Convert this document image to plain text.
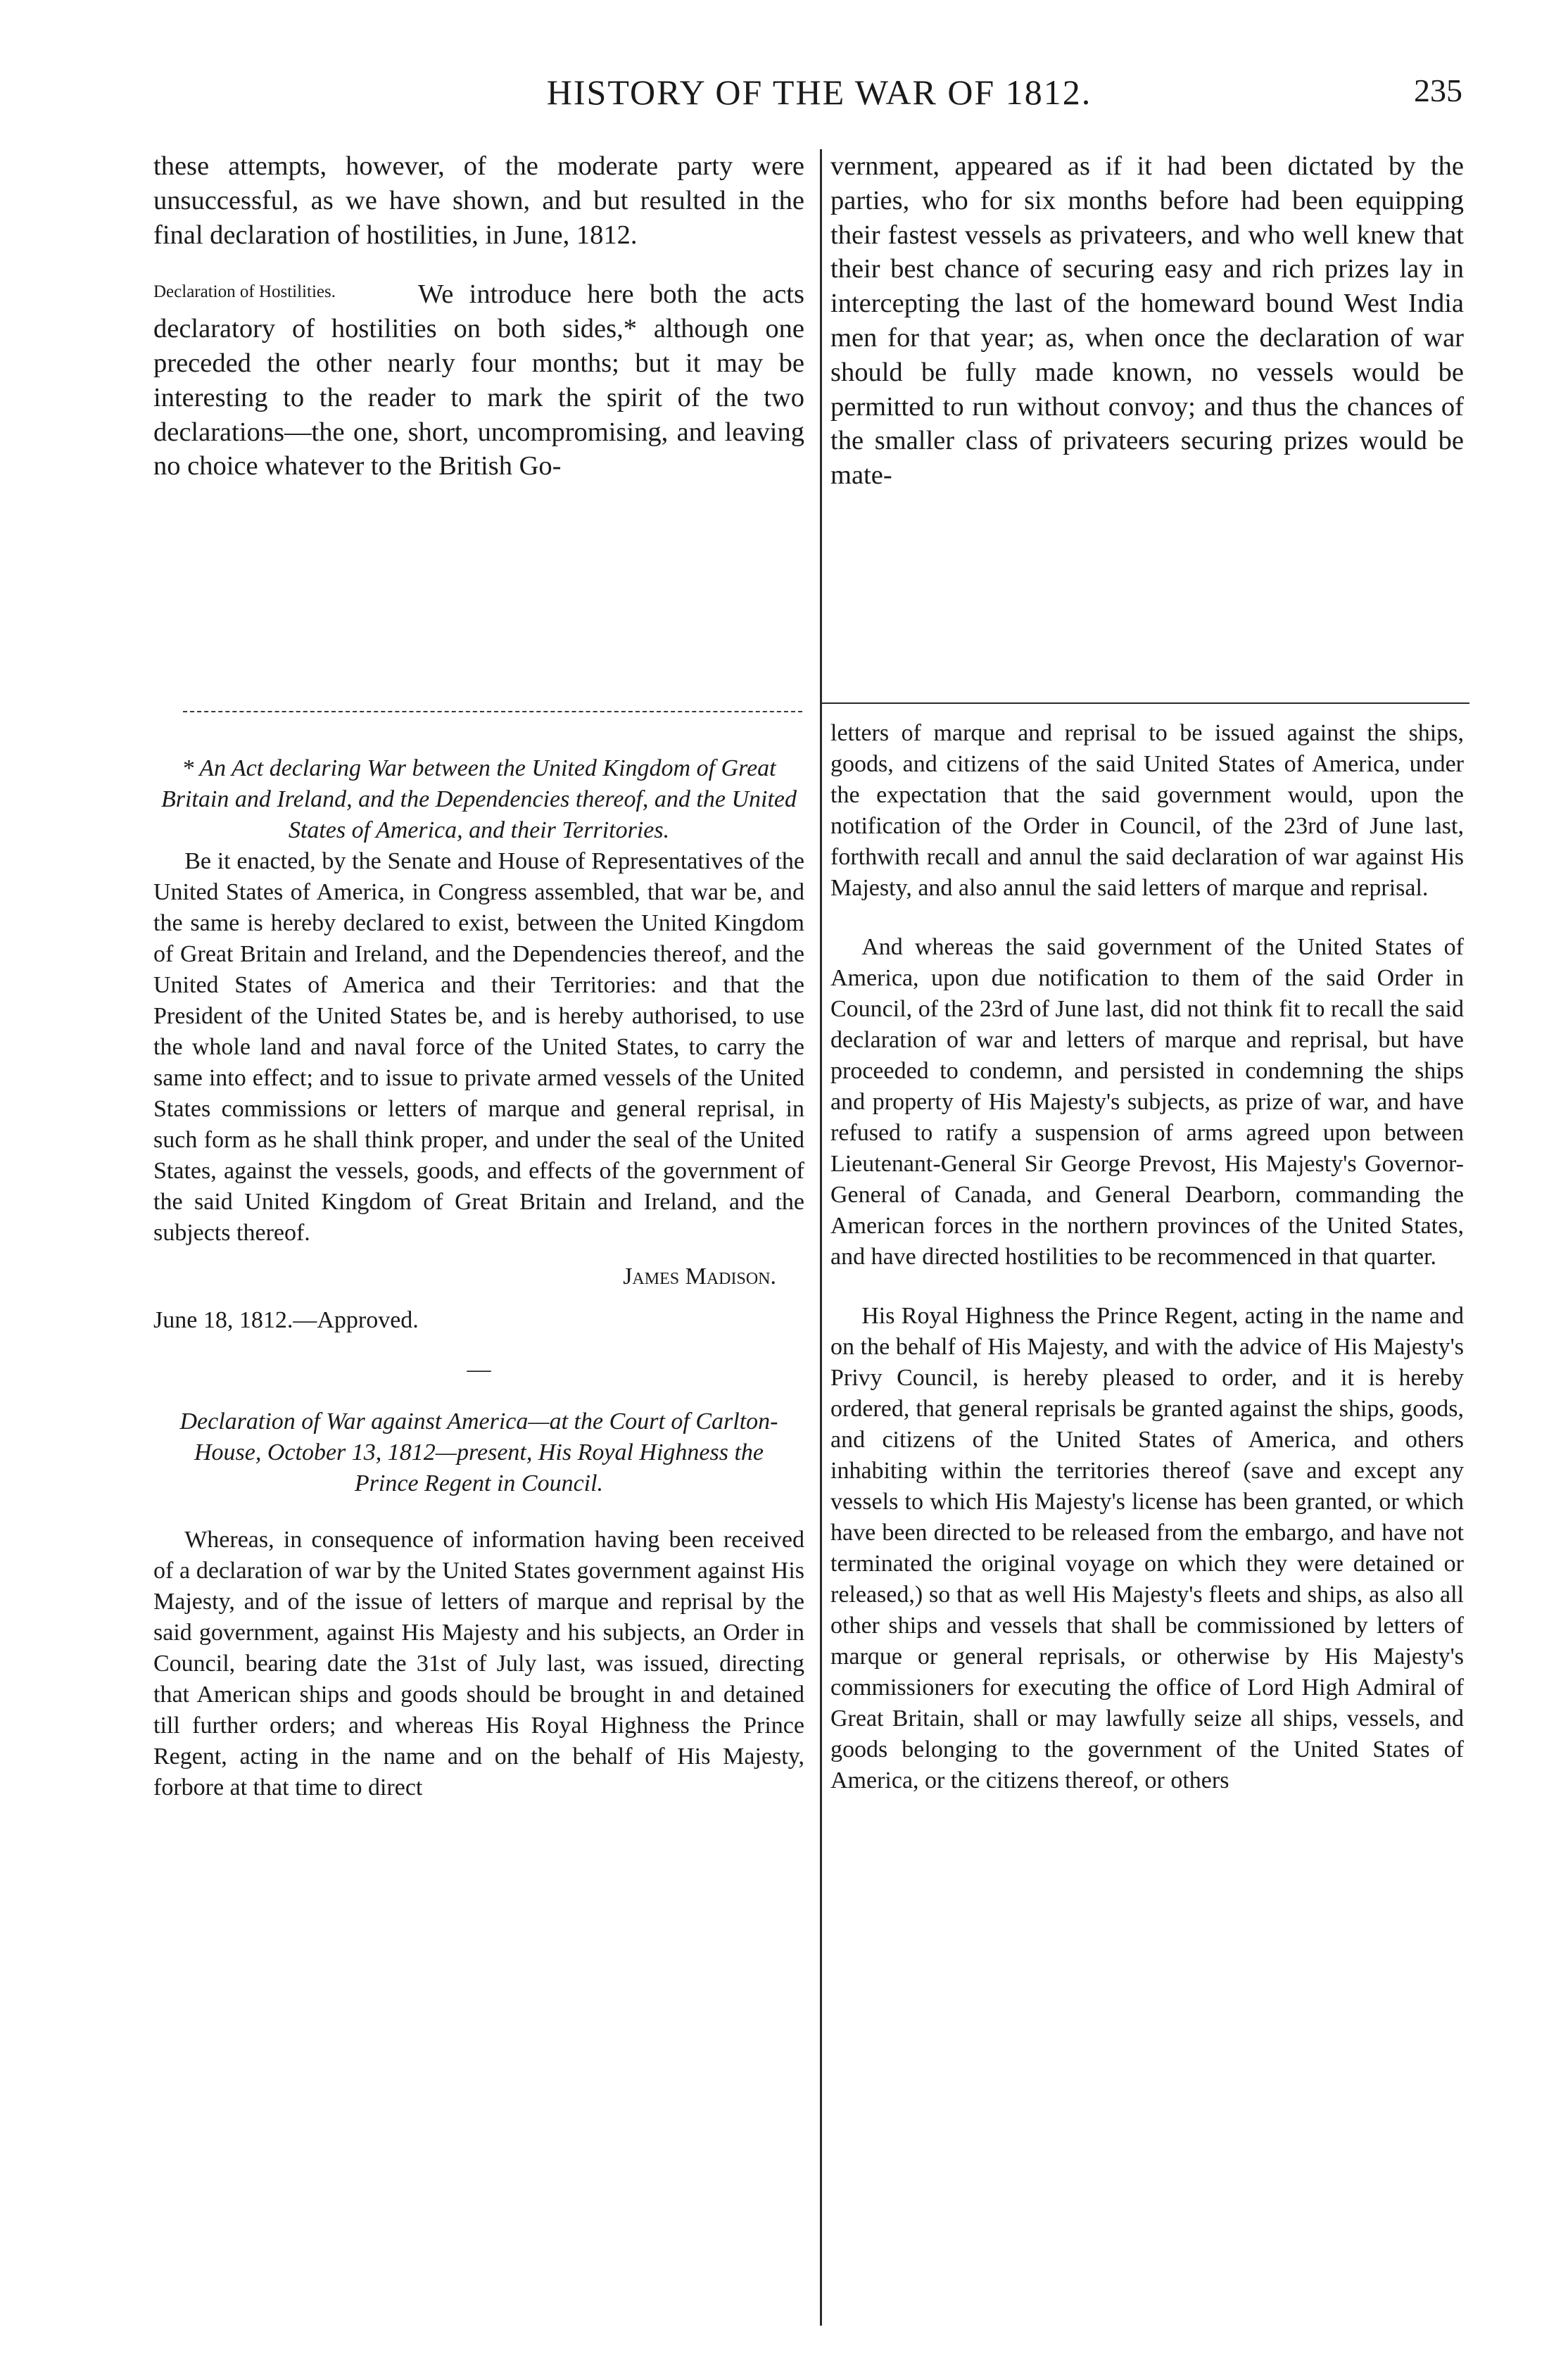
HISTORY OF THE WAR OF 1812.	235

these attempts, however, of the moderate party were unsuccessful, as we have shown, and but resulted in the final declaration of hostilities, in June, 1812.

Declaration of Hostilities.	We introduce here both the acts declaratory of hostilities on both sides,* although one preceded the other nearly four months; but it may be interesting to the reader to mark the spirit of the two declarations—the one, short, uncompromising, and leaving no choice whatever to the British Go-

vernment, appeared as if it had been dictated by the parties, who for six months before had been equipping their fastest vessels as privateers, and who well knew that their best chance of securing easy and rich prizes lay in intercepting the last of the homeward bound West India men for that year; as, when once the declaration of war should be fully made known, no vessels would be permitted to run without convoy; and thus the chances of the smaller class of privateers securing prizes would be mate-

* An Act declaring War between the United Kingdom of Great Britain and Ireland, and the Dependencies thereof, and the United States of America, and their Territories.

Be it enacted, by the Senate and House of Representatives of the United States of America, in Congress assembled, that war be, and the same is hereby declared to exist, between the United Kingdom of Great Britain and Ireland, and the Dependencies thereof, and the United States of America and their Territories: and that the President of the United States be, and is hereby authorised, to use the whole land and naval force of the United States, to carry the same into effect; and to issue to private armed vessels of the United States commissions or letters of marque and general reprisal, in such form as he shall think proper, and under the seal of the United States, against the vessels, goods, and effects of the government of the said United Kingdom of Great Britain and Ireland, and the subjects thereof.

James Madison.

June 18, 1812.—Approved.

—

Declaration of War against America—at the Court of Carlton-House, October 13, 1812—present, His Royal Highness the Prince Regent in Council.

Whereas, in consequence of information having been received of a declaration of war by the United States government against His Majesty, and of the issue of letters of marque and reprisal by the said government, against His Majesty and his subjects, an Order in Council, bearing date the 31st of July last, was issued, directing that American ships and goods should be brought in and detained till further orders; and whereas His Royal Highness the Prince Regent, acting in the name and on the behalf of His Majesty, forbore at that time to direct

letters of marque and reprisal to be issued against the ships, goods, and citizens of the said United States of America, under the expectation that the said government would, upon the notification of the Order in Council, of the 23rd of June last, forthwith recall and annul the said declaration of war against His Majesty, and also annul the said letters of marque and reprisal.

And whereas the said government of the United States of America, upon due notification to them of the said Order in Council, of the 23rd of June last, did not think fit to recall the said declaration of war and letters of marque and reprisal, but have proceeded to condemn, and persisted in condemning the ships and property of His Majesty's subjects, as prize of war, and have refused to ratify a suspension of arms agreed upon between Lieutenant-General Sir George Prevost, His Majesty's Governor-General of Canada, and General Dearborn, commanding the American forces in the northern provinces of the United States, and have directed hostilities to be recommenced in that quarter.

His Royal Highness the Prince Regent, acting in the name and on the behalf of His Majesty, and with the advice of His Majesty's Privy Council, is hereby pleased to order, and it is hereby ordered, that general reprisals be granted against the ships, goods, and citizens of the United States of America, and others inhabiting within the territories thereof (save and except any vessels to which His Majesty's license has been granted, or which have been directed to be released from the embargo, and have not terminated the original voyage on which they were detained or released,) so that as well His Majesty's fleets and ships, as also all other ships and vessels that shall be commissioned by letters of marque or general reprisals, or otherwise by His Majesty's commissioners for executing the office of Lord High Admiral of Great Britain, shall or may lawfully seize all ships, vessels, and goods belonging to the government of the United States of America, or the citizens thereof, or others
